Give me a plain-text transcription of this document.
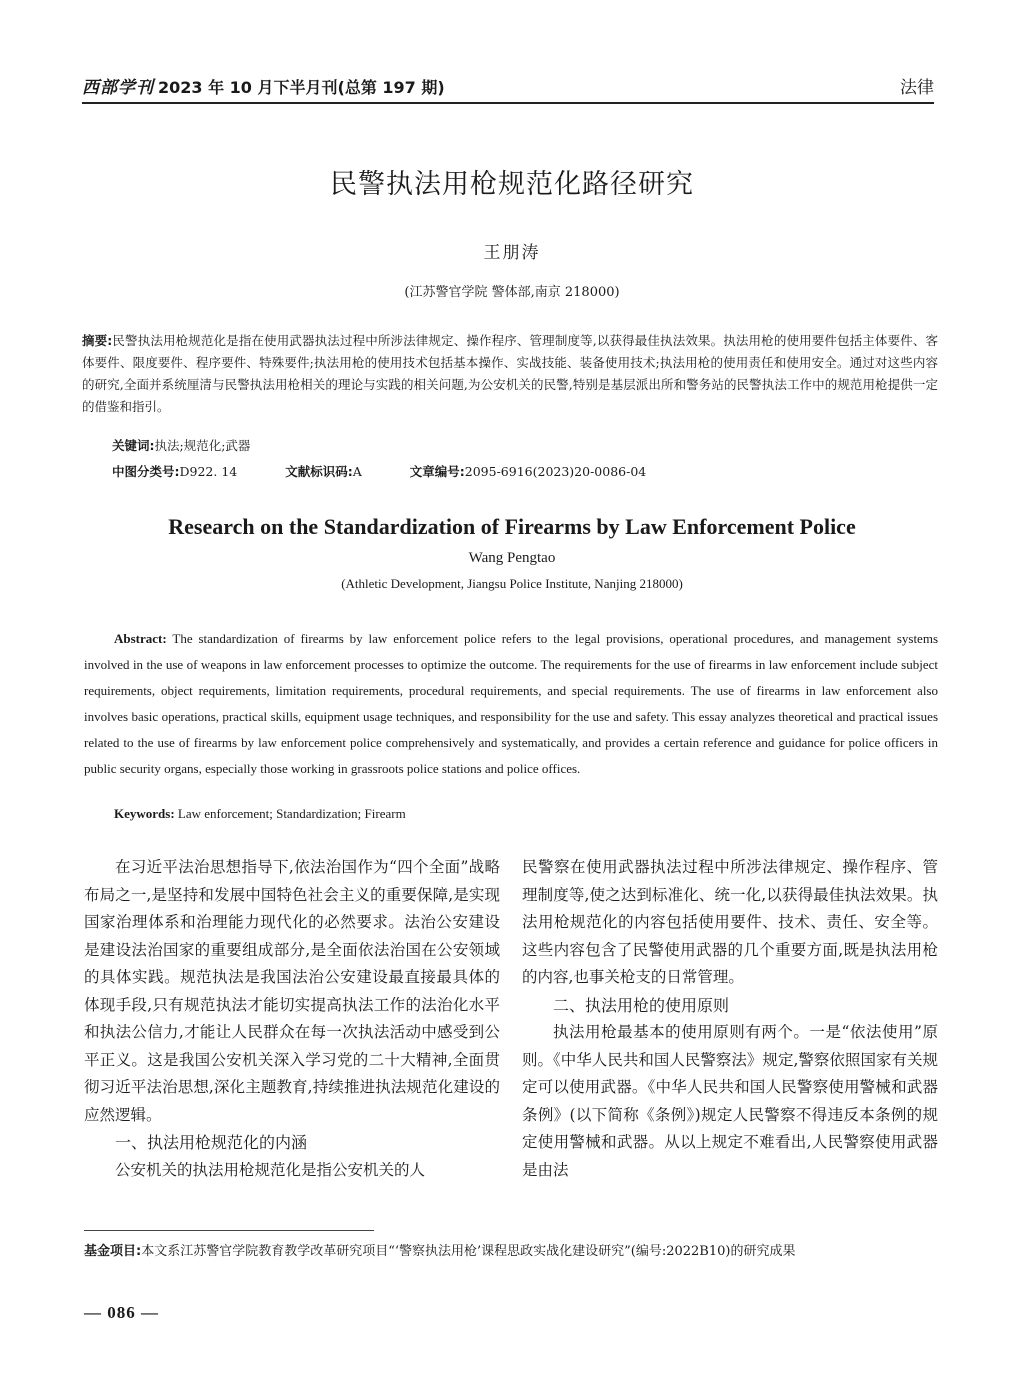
西部学刊 2023 年 10 月下半月刊(总第 197 期)	法律
民警执法用枪规范化路径研究
王朋涛
(江苏警官学院 警体部,南京 218000)
摘要:民警执法用枪规范化是指在使用武器执法过程中所涉法律规定、操作程序、管理制度等,以获得最佳执法效果。执法用枪的使用要件包括主体要件、客体要件、限度要件、程序要件、特殊要件;执法用枪的使用技术包括基本操作、实战技能、装备使用技术;执法用枪的使用责任和使用安全。通过对这些内容的研究,全面并系统厘清与民警执法用枪相关的理论与实践的相关问题,为公安机关的民警,特别是基层派出所和警务站的民警执法工作中的规范用枪提供一定的借鉴和指引。
关键词:执法;规范化;武器
中图分类号:D922. 14	文献标识码:A	文章编号:2095-6916(2023)20-0086-04
Research on the Standardization of Firearms by Law Enforcement Police
Wang Pengtao
(Athletic Development, Jiangsu Police Institute, Nanjing 218000)
Abstract: The standardization of firearms by law enforcement police refers to the legal provisions, operational procedures, and management systems involved in the use of weapons in law enforcement processes to optimize the outcome. The requirements for the use of firearms in law enforcement include subject requirements, object requirements, limitation requirements, procedural requirements, and special requirements. The use of firearms in law enforcement also involves basic operations, practical skills, equipment usage techniques, and responsibility for the use and safety. This essay analyzes theoretical and practical issues related to the use of firearms by law enforcement police comprehensively and systematically, and provides a certain reference and guidance for police officers in public security organs, especially those working in grassroots police stations and police offices.
Keywords: Law enforcement; Standardization; Firearm

在习近平法治思想指导下,依法治国作为“四个全面”战略布局之一,是坚持和发展中国特色社会主义的重要保障,是实现国家治理体系和治理能力现代化的必然要求。法治公安建设是建设法治国家的重要组成部分,是全面依法治国在公安领域的具体实践。规范执法是我国法治公安建设最直接最具体的体现手段,只有规范执法才能切实提高执法工作的法治化水平和执法公信力,才能让人民群众在每一次执法活动中感受到公平正义。这是我国公安机关深入学习党的二十大精神,全面贯彻习近平法治思想,深化主题教育,持续推进执法规范化建设的应然逻辑。

一、执法用枪规范化的内涵

公安机关的执法用枪规范化是指公安机关的人

民警察在使用武器执法过程中所涉法律规定、操作程序、管理制度等,使之达到标准化、统一化,以获得最佳执法效果。执法用枪规范化的内容包括使用要件、技术、责任、安全等。这些内容包含了民警使用武器的几个重要方面,既是执法用枪的内容,也事关枪支的日常管理。

二、执法用枪的使用原则

执法用枪最基本的使用原则有两个。一是“依法使用”原则。《中华人民共和国人民警察法》规定,警察依照国家有关规定可以使用武器。《中华人民共和国人民警察使用警械和武器条例》(以下简称《条例》)规定人民警察不得违反本条例的规定使用警械和武器。从以上规定不难看出,人民警察使用武器是由法

基金项目:本文系江苏警官学院教育教学改革研究项目“‘警察执法用枪’课程思政实战化建设研究”(编号:2022B10)的研究成果
— 086 —
